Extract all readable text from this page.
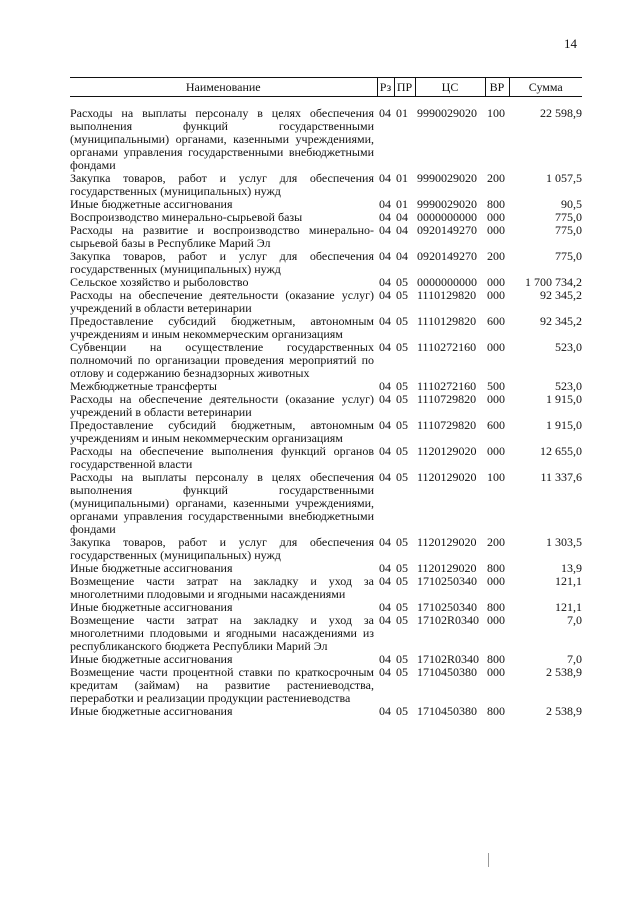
14
Наименование	Рз	ПР	ЦС	ВР	Сумма
Расходы на выплаты персоналу в целях обеспечения выполнения функций государственными (муниципальными) органами, казенными учреждениями, органами управления государственными внебюджетными фондами	04	01	9990029020	100	22 598,9
Закупка товаров, работ и услуг для обеспечения государственных (муниципальных) нужд	04	01	9990029020	200	1 057,5
Иные бюджетные ассигнования	04	01	9990029020	800	90,5
Воспроизводство минерально-сырьевой базы	04	04	0000000000	000	775,0
Расходы на развитие и воспроизводство минерально-сырьевой базы в Республике Марий Эл	04	04	0920149270	000	775,0
Закупка товаров, работ и услуг для обеспечения государственных (муниципальных) нужд	04	04	0920149270	200	775,0
Сельское хозяйство и рыболовство	04	05	0000000000	000	1 700 734,2
Расходы на обеспечение деятельности (оказание услуг) учреждений в области ветеринарии	04	05	1110129820	000	92 345,2
Предоставление субсидий бюджетным, автономным учреждениям и иным некоммерческим организациям	04	05	1110129820	600	92 345,2
Субвенции на осуществление государственных полномочий по организации проведения мероприятий по отлову и содержанию безнадзорных животных	04	05	1110272160	000	523,0
Межбюджетные трансферты	04	05	1110272160	500	523,0
Расходы на обеспечение деятельности (оказание услуг) учреждений в области ветеринарии	04	05	1110729820	000	1 915,0
Предоставление субсидий бюджетным, автономным учреждениям и иным некоммерческим организациям	04	05	1110729820	600	1 915,0
Расходы на обеспечение выполнения функций органов государственной власти	04	05	1120129020	000	12 655,0
Расходы на выплаты персоналу в целях обеспечения выполнения функций государственными (муниципальными) органами, казенными учреждениями, органами управления государственными внебюджетными фондами	04	05	1120129020	100	11 337,6
Закупка товаров, работ и услуг для обеспечения государственных (муниципальных) нужд	04	05	1120129020	200	1 303,5
Иные бюджетные ассигнования	04	05	1120129020	800	13,9
Возмещение части затрат на закладку и уход за многолетними плодовыми и ягодными насаждениями	04	05	1710250340	000	121,1
Иные бюджетные ассигнования	04	05	1710250340	800	121,1
Возмещение части затрат на закладку и уход за многолетними плодовыми и ягодными насаждениями из республиканского бюджета Республики Марий Эл	04	05	17102R0340	000	7,0
Иные бюджетные ассигнования	04	05	17102R0340	800	7,0
Возмещение части процентной ставки по краткосрочным кредитам (займам) на развитие растениеводства, переработки и реализации продукции растениеводства	04	05	1710450380	000	2 538,9
Иные бюджетные ассигнования	04	05	1710450380	800	2 538,9
